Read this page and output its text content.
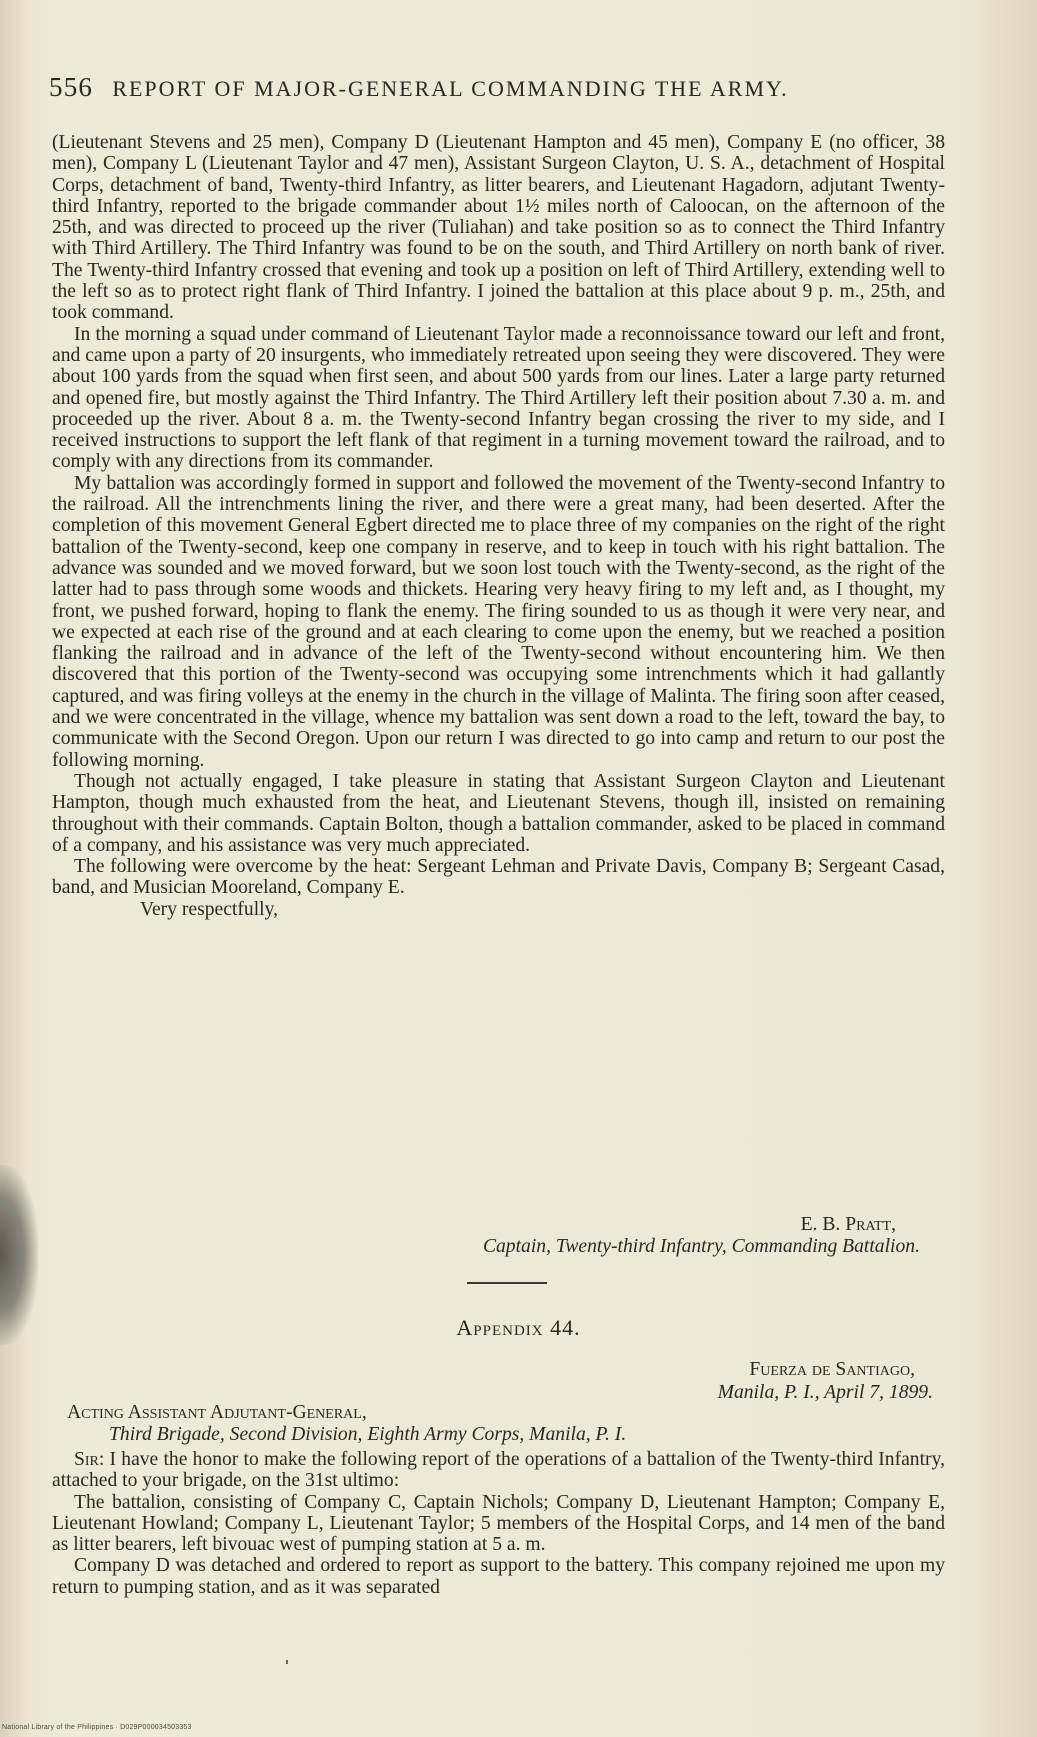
556 REPORT OF MAJOR-GENERAL COMMANDING THE ARMY.

(Lieutenant Stevens and 25 men), Company D (Lieutenant Hampton and 45 men), Company E (no officer, 38 men), Company L (Lieutenant Taylor and 47 men), Assistant Surgeon Clayton, U. S. A., detachment of Hospital Corps, detachment of band, Twenty-third Infantry, as litter bearers, and Lieutenant Hagadorn, adjutant Twenty-third Infantry, reported to the brigade commander about 1½ miles north of Caloocan, on the afternoon of the 25th, and was directed to proceed up the river (Tuliahan) and take position so as to connect the Third Infantry with Third Artillery. The Third Infantry was found to be on the south, and Third Artillery on north bank of river. The Twenty-third Infantry crossed that evening and took up a position on left of Third Artillery, extending well to the left so as to protect right flank of Third Infantry. I joined the battalion at this place about 9 p. m., 25th, and took command.

In the morning a squad under command of Lieutenant Taylor made a reconnoissance toward our left and front, and came upon a party of 20 insurgents, who immediately retreated upon seeing they were discovered. They were about 100 yards from the squad when first seen, and about 500 yards from our lines. Later a large party returned and opened fire, but mostly against the Third Infantry. The Third Artillery left their position about 7.30 a. m. and proceeded up the river. About 8 a. m. the Twenty-second Infantry began crossing the river to my side, and I received instructions to support the left flank of that regiment in a turning movement toward the railroad, and to comply with any directions from its commander.

My battalion was accordingly formed in support and followed the movement of the Twenty-second Infantry to the railroad. All the intrenchments lining the river, and there were a great many, had been deserted. After the completion of this movement General Egbert directed me to place three of my companies on the right of the right battalion of the Twenty-second, keep one company in reserve, and to keep in touch with his right battalion. The advance was sounded and we moved forward, but we soon lost touch with the Twenty-second, as the right of the latter had to pass through some woods and thickets. Hearing very heavy firing to my left and, as I thought, my front, we pushed forward, hoping to flank the enemy. The firing sounded to us as though it were very near, and we expected at each rise of the ground and at each clearing to come upon the enemy, but we reached a position flanking the railroad and in advance of the left of the Twenty-second without encountering him. We then discovered that this portion of the Twenty-second was occupying some intrenchments which it had gallantly captured, and was firing volleys at the enemy in the church in the village of Malinta. The firing soon after ceased, and we were concentrated in the village, whence my battalion was sent down a road to the left, toward the bay, to communicate with the Second Oregon. Upon our return I was directed to go into camp and return to our post the following morning.

Though not actually engaged, I take pleasure in stating that Assistant Surgeon Clayton and Lieutenant Hampton, though much exhausted from the heat, and Lieutenant Stevens, though ill, insisted on remaining throughout with their commands. Captain Bolton, though a battalion commander, asked to be placed in command of a company, and his assistance was very much appreciated.

The following were overcome by the heat: Sergeant Lehman and Private Davis, Company B; Sergeant Casad, band, and Musician Mooreland, Company E.

Very respectfully,

E. B. Pratt,
Captain, Twenty-third Infantry, Commanding Battalion.
Appendix 44.
Fuerza de Santiago,
Manila, P. I., April 7, 1899.
Acting Assistant Adjutant-General,
Third Brigade, Second Division, Eighth Army Corps, Manila, P. I.

Sir: I have the honor to make the following report of the operations of a battalion of the Twenty-third Infantry, attached to your brigade, on the 31st ultimo:

The battalion, consisting of Company C, Captain Nichols; Company D, Lieutenant Hampton; Company E, Lieutenant Howland; Company L, Lieutenant Taylor; 5 members of the Hospital Corps, and 14 men of the band as litter bearers, left bivouac west of pumping station at 5 a. m.

Company D was detached and ordered to report as support to the battery. This company rejoined me upon my return to pumping station, and as it was separated

National Library of the Philippines · D029P000034503353
